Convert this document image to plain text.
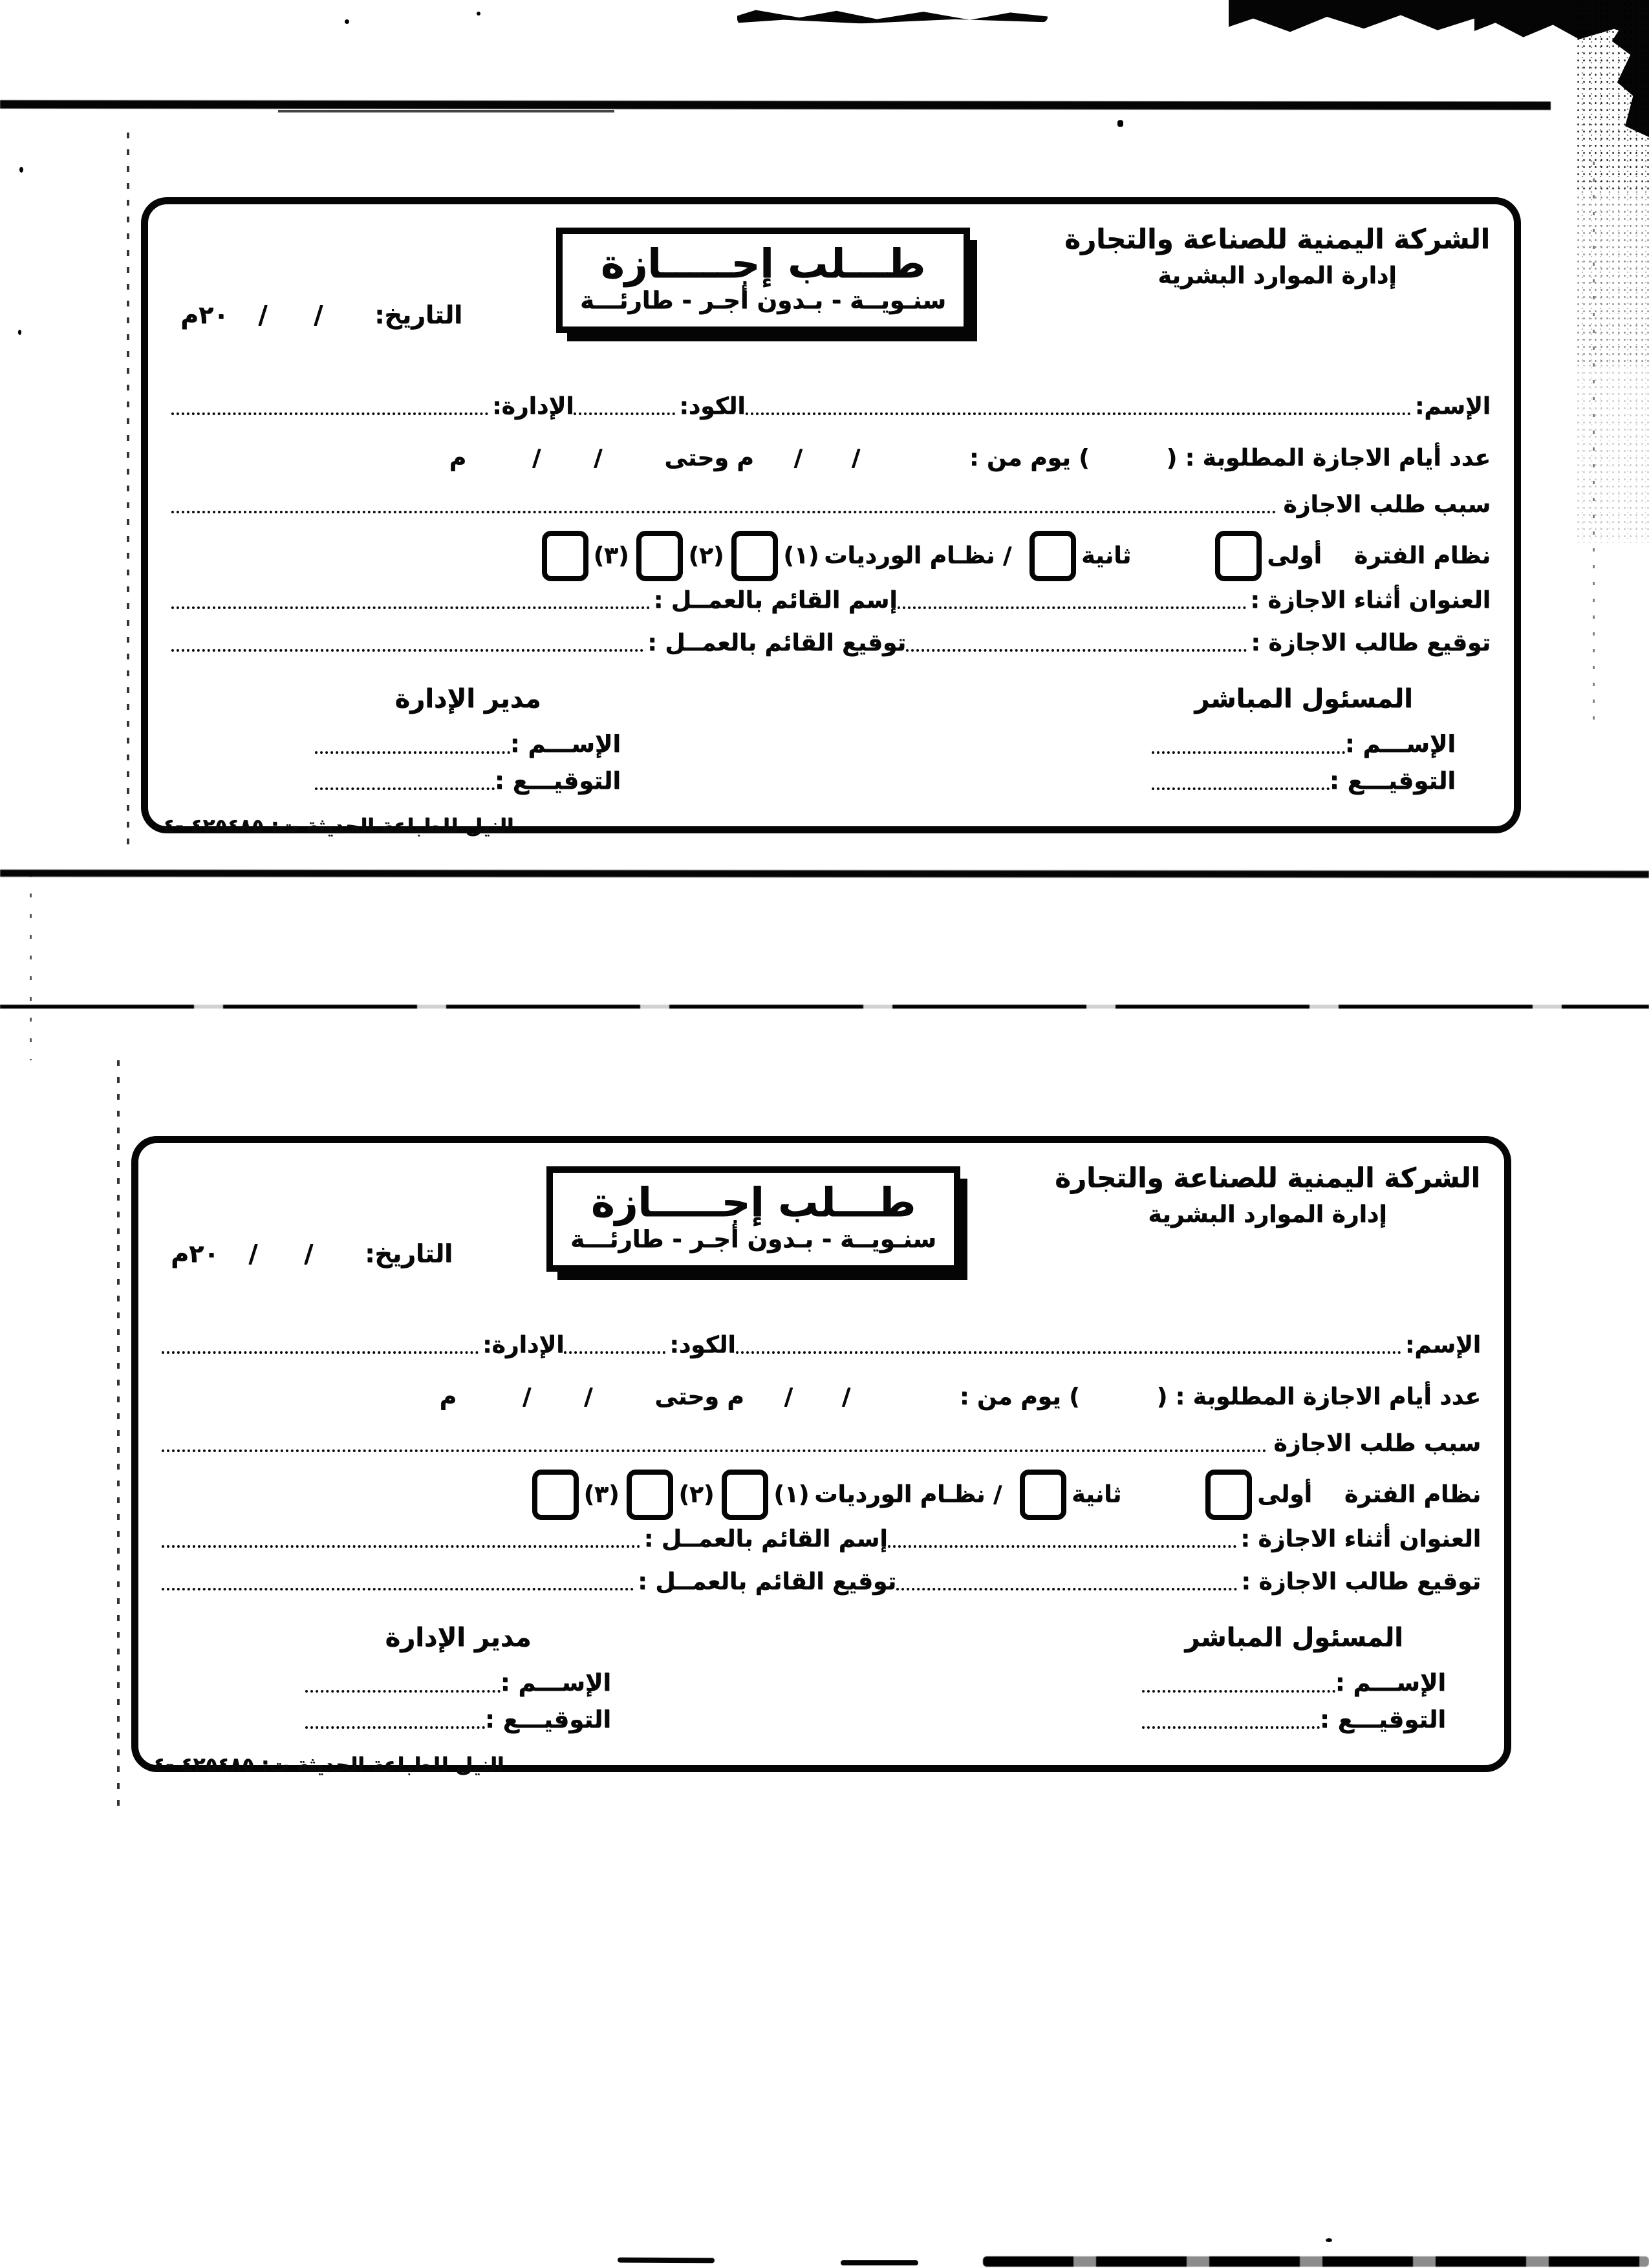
الشركة اليمنية للصناعة والتجارة
إدارة الموارد البشرية
طـــلب إجـــــازة
سنـويــة - بـدون أجـر - طارئـــة
التاريخ:
/
/
٢٠م
الإسم:
الكود:
الإدارة:
عدد أيام الاجازة المطلوبة : (
) يوم من :
/
/
م وحتى
/
/
م
سبب طلب الاجازة
نظام الفترة
أولى
ثانية
/ نظـام الورديات
(١)
(٢)
(٣)
العنوان أثناء الاجازة :
إسم القائم بالعمــل :
توقيع طالب الاجازة :
توقيع القائم بالعمــل :
المسئول المباشر
الإســـم :
التوقيـــع :
مدير الإدارة
الإســـم :
التوقيـــع :
الشركة اليمنية للصناعة والتجارة
إدارة الموارد البشرية
طـــلب إجـــــازة
سنـويــة - بـدون أجـر - طارئـــة
التاريخ:
/
/
٢٠م
الإسم:
الكود:
الإدارة:
عدد أيام الاجازة المطلوبة : (
) يوم من :
/
/
م وحتى
/
/
م
سبب طلب الاجازة
نظام الفترة
أولى
ثانية
/ نظـام الورديات
(١)
(٢)
(٣)
العنوان أثناء الاجازة :
إسم القائم بالعمــل :
توقيع طالب الاجازة :
توقيع القائم بالعمــل :
المسئول المباشر
الإســـم :
التوقيـــع :
مدير الإدارة
الإســـم :
التوقيـــع :
النيل للطباعة الحديثة ت: ٤٢٥٤٨٥ -٠٤
النيل للطباعة الحديثة ت: ٤٢٥٤٨٥ -٠٤
